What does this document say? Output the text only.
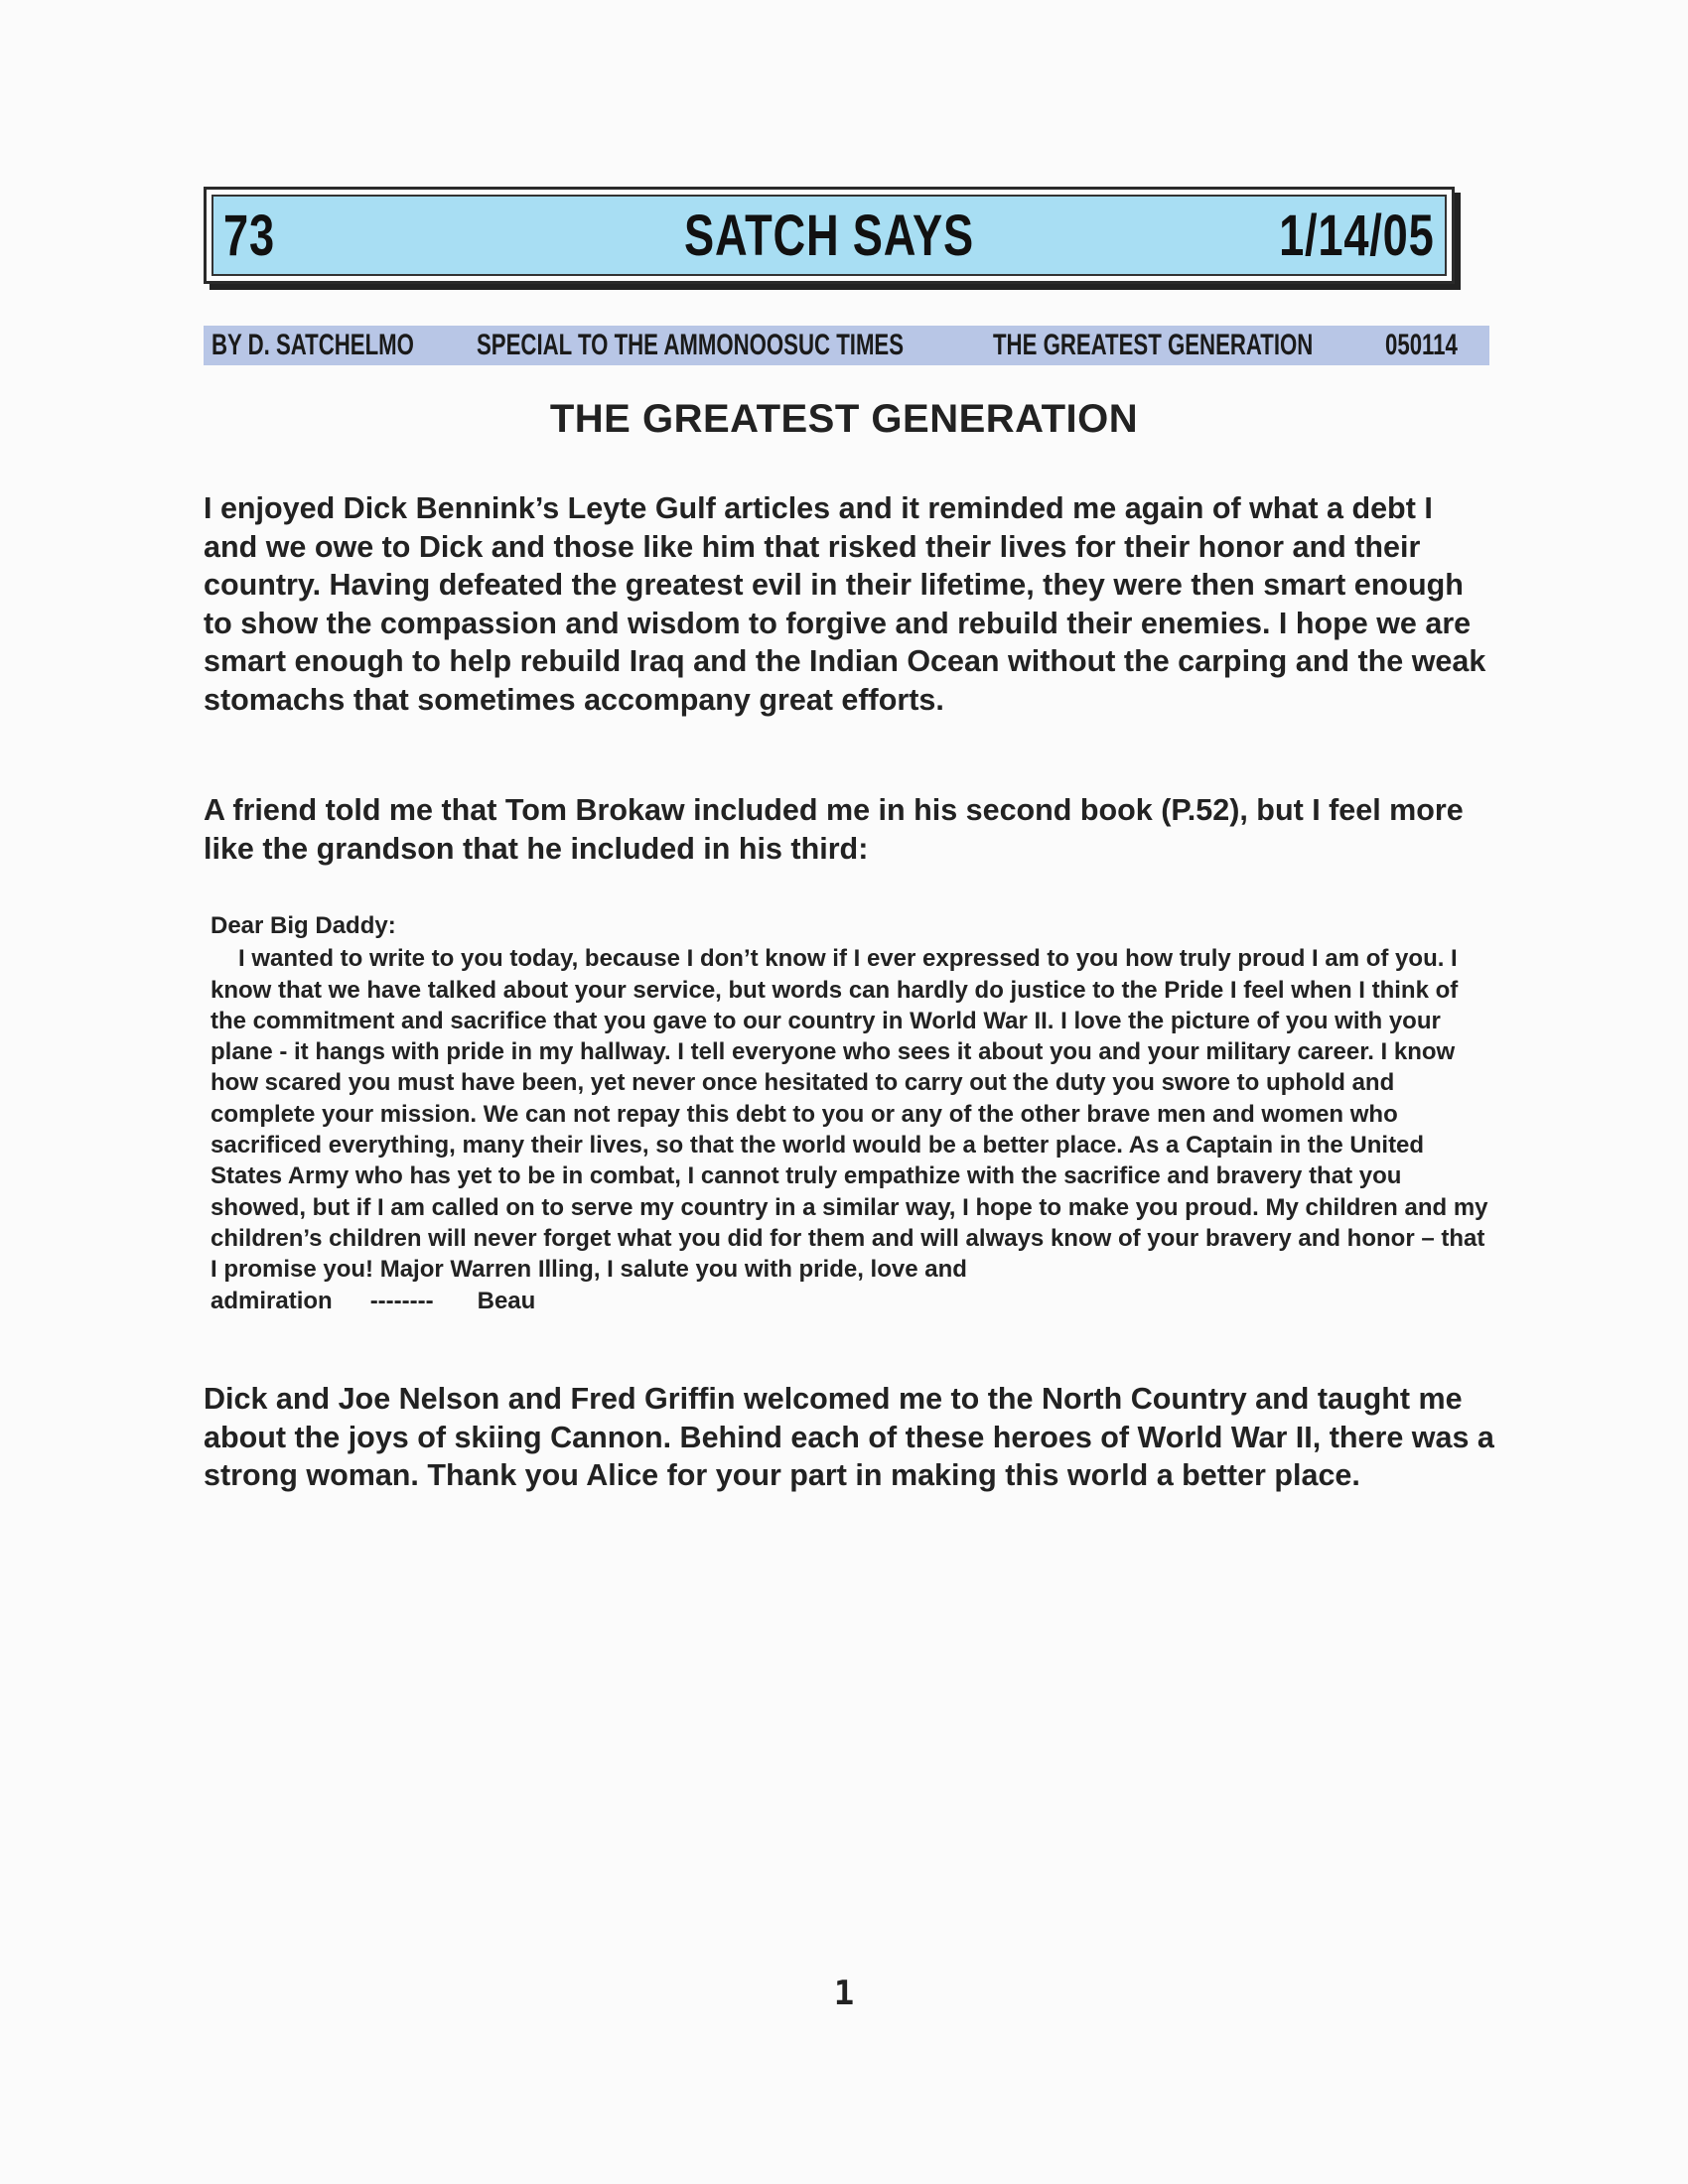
73	SATCH SAYS	1/14/05
BY D. SATCHELMO SPECIAL TO THE AMMONOOSUC TIMES	THE GREATEST GENERATION 050114
THE GREATEST GENERATION
I enjoyed Dick Bennink’s Leyte Gulf articles and it reminded me again of what a debt I and we owe to Dick and those like him that risked their lives for their honor and their country. Having defeated the greatest evil in their lifetime, they were then smart enough to show the compassion and wisdom to forgive and rebuild their enemies. I hope we are smart enough to help rebuild Iraq and the Indian Ocean without the carping and the weak stomachs that sometimes accompany great efforts.
A friend told me that Tom Brokaw included me in his second book (P.52), but I feel more like the grandson that he included in his third:
Dear Big Daddy:
I wanted to write to you today, because I don’t know if I ever expressed to you how truly proud I am of you. I know that we have talked about your service, but words can hardly do justice to the Pride I feel when I think of the commitment and sacrifice that you gave to our country in World War II. I love the picture of you with your plane - it hangs with pride in my hallway. I tell everyone who sees it about you and your military career. I know how scared you must have been, yet never once hesitated to carry out the duty you swore to uphold and complete your mission. We can not repay this debt to you or any of the other brave men and women who sacrificed everything, many their lives, so that the world would be a better place. As a Captain in the United States Army who has yet to be in combat, I cannot truly empathize with the sacrifice and bravery that you showed, but if I am called on to serve my country in a similar way, I hope to make you proud. My children and my children’s children will never forget what you did for them and will always know of your bravery and honor – that I promise you! Major Warren Illing, I salute you with pride, love and
admiration -------- Beau
Dick and Joe Nelson and Fred Griffin welcomed me to the North Country and taught me about the joys of skiing Cannon. Behind each of these heroes of World War II, there was a strong woman. Thank you Alice for your part in making this world a better place.
1
